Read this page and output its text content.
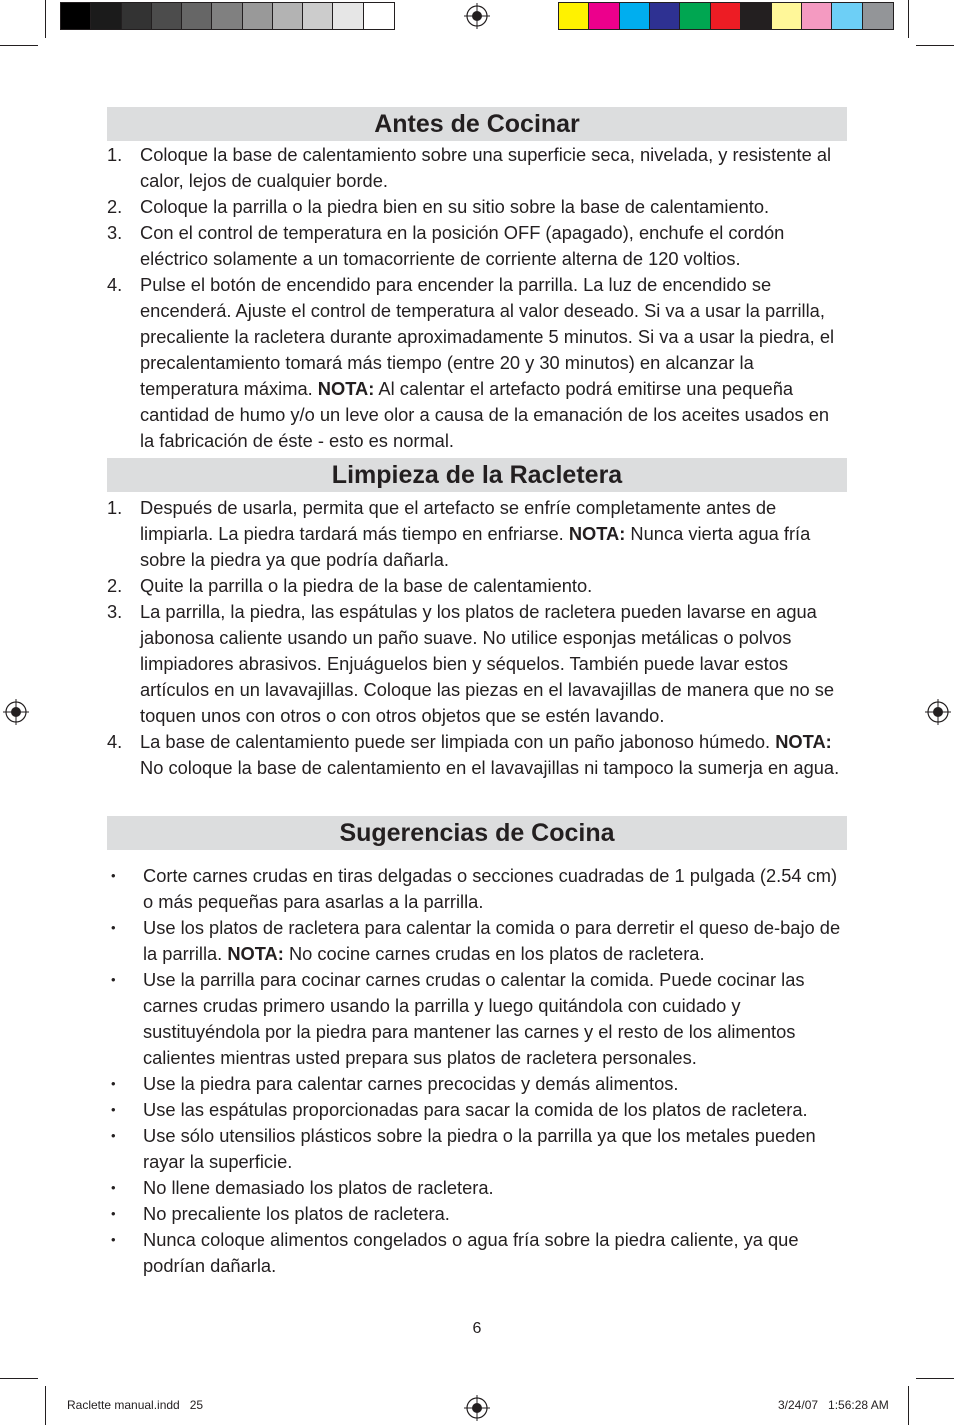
Antes de Cocinar
1. Coloque la base de calentamiento sobre una superficie seca, nivelada, y resistente al calor, lejos de cualquier borde.
2. Coloque la parrilla o la piedra bien en su sitio sobre la base de calentamiento.
3. Con el control de temperatura en la posición OFF (apagado), enchufe el cordón eléctrico solamente a un tomacorriente de corriente alterna de 120 voltios.
4. Pulse el botón de encendido para encender la parrilla. La luz de encendido se encenderá. Ajuste el control de temperatura al valor deseado. Si va a usar la parrilla, precaliente la racletera durante aproximadamente 5 minutos. Si va a usar la piedra, el precalentamiento tomará más tiempo (entre 20 y 30 minutos) en alcanzar la temperatura máxima. NOTA: Al calentar el artefacto podrá emitirse una pequeña cantidad de humo y/o un leve olor a causa de la emanación de los aceites usados en la fabricación de éste - esto es normal.
Limpieza de la Racletera
1. Después de usarla, permita que el artefacto se enfríe completamente antes de limpiarla. La piedra tardará más tiempo en enfriarse. NOTA: Nunca vierta agua fría sobre la piedra ya que podría dañarla.
2. Quite la parrilla o la piedra de la base de calentamiento.
3. La parrilla, la piedra, las espátulas y los platos de racletera pueden lavarse en agua jabonosa caliente usando un paño suave. No utilice esponjas metálicas o polvos limpiadores abrasivos. Enjuáguelos bien y séquelos. También puede lavar estos artículos en un lavavajillas. Coloque las piezas en el lavavajillas de manera que no se toquen unos con otros o con otros objetos que se estén lavando.
4. La base de calentamiento puede ser limpiada con un paño jabonoso húmedo. NOTA: No coloque la base de calentamiento en el lavavajillas ni tampoco la sumerja en agua.
Sugerencias de Cocina
• Corte carnes crudas en tiras delgadas o secciones cuadradas de 1 pulgada (2.54 cm) o más pequeñas para asarlas a la parrilla.
• Use los platos de racletera para calentar la comida o para derretir el queso de-bajo de la parrilla. NOTA: No cocine carnes crudas en los platos de racletera.
• Use la parrilla para cocinar carnes crudas o calentar la comida. Puede cocinar las carnes crudas primero usando la parrilla y luego quitándola con cuidado y sustituyéndola por la piedra para mantener las carnes y el resto de los alimentos calientes mientras usted prepara sus platos de racletera personales.
• Use la piedra para calentar carnes precocidas y demás alimentos.
• Use las espátulas proporcionadas para sacar la comida de los platos de racletera.
• Use sólo utensilios plásticos sobre la piedra o la parrilla ya que los metales pueden rayar la superficie.
• No llene demasiado los platos de racletera.
• No precaliente los platos de racletera.
• Nunca coloque alimentos congelados o agua fría sobre la piedra caliente, ya que podrían dañarla.
6
Raclette manual.indd   25	3/24/07   1:56:28 AM
